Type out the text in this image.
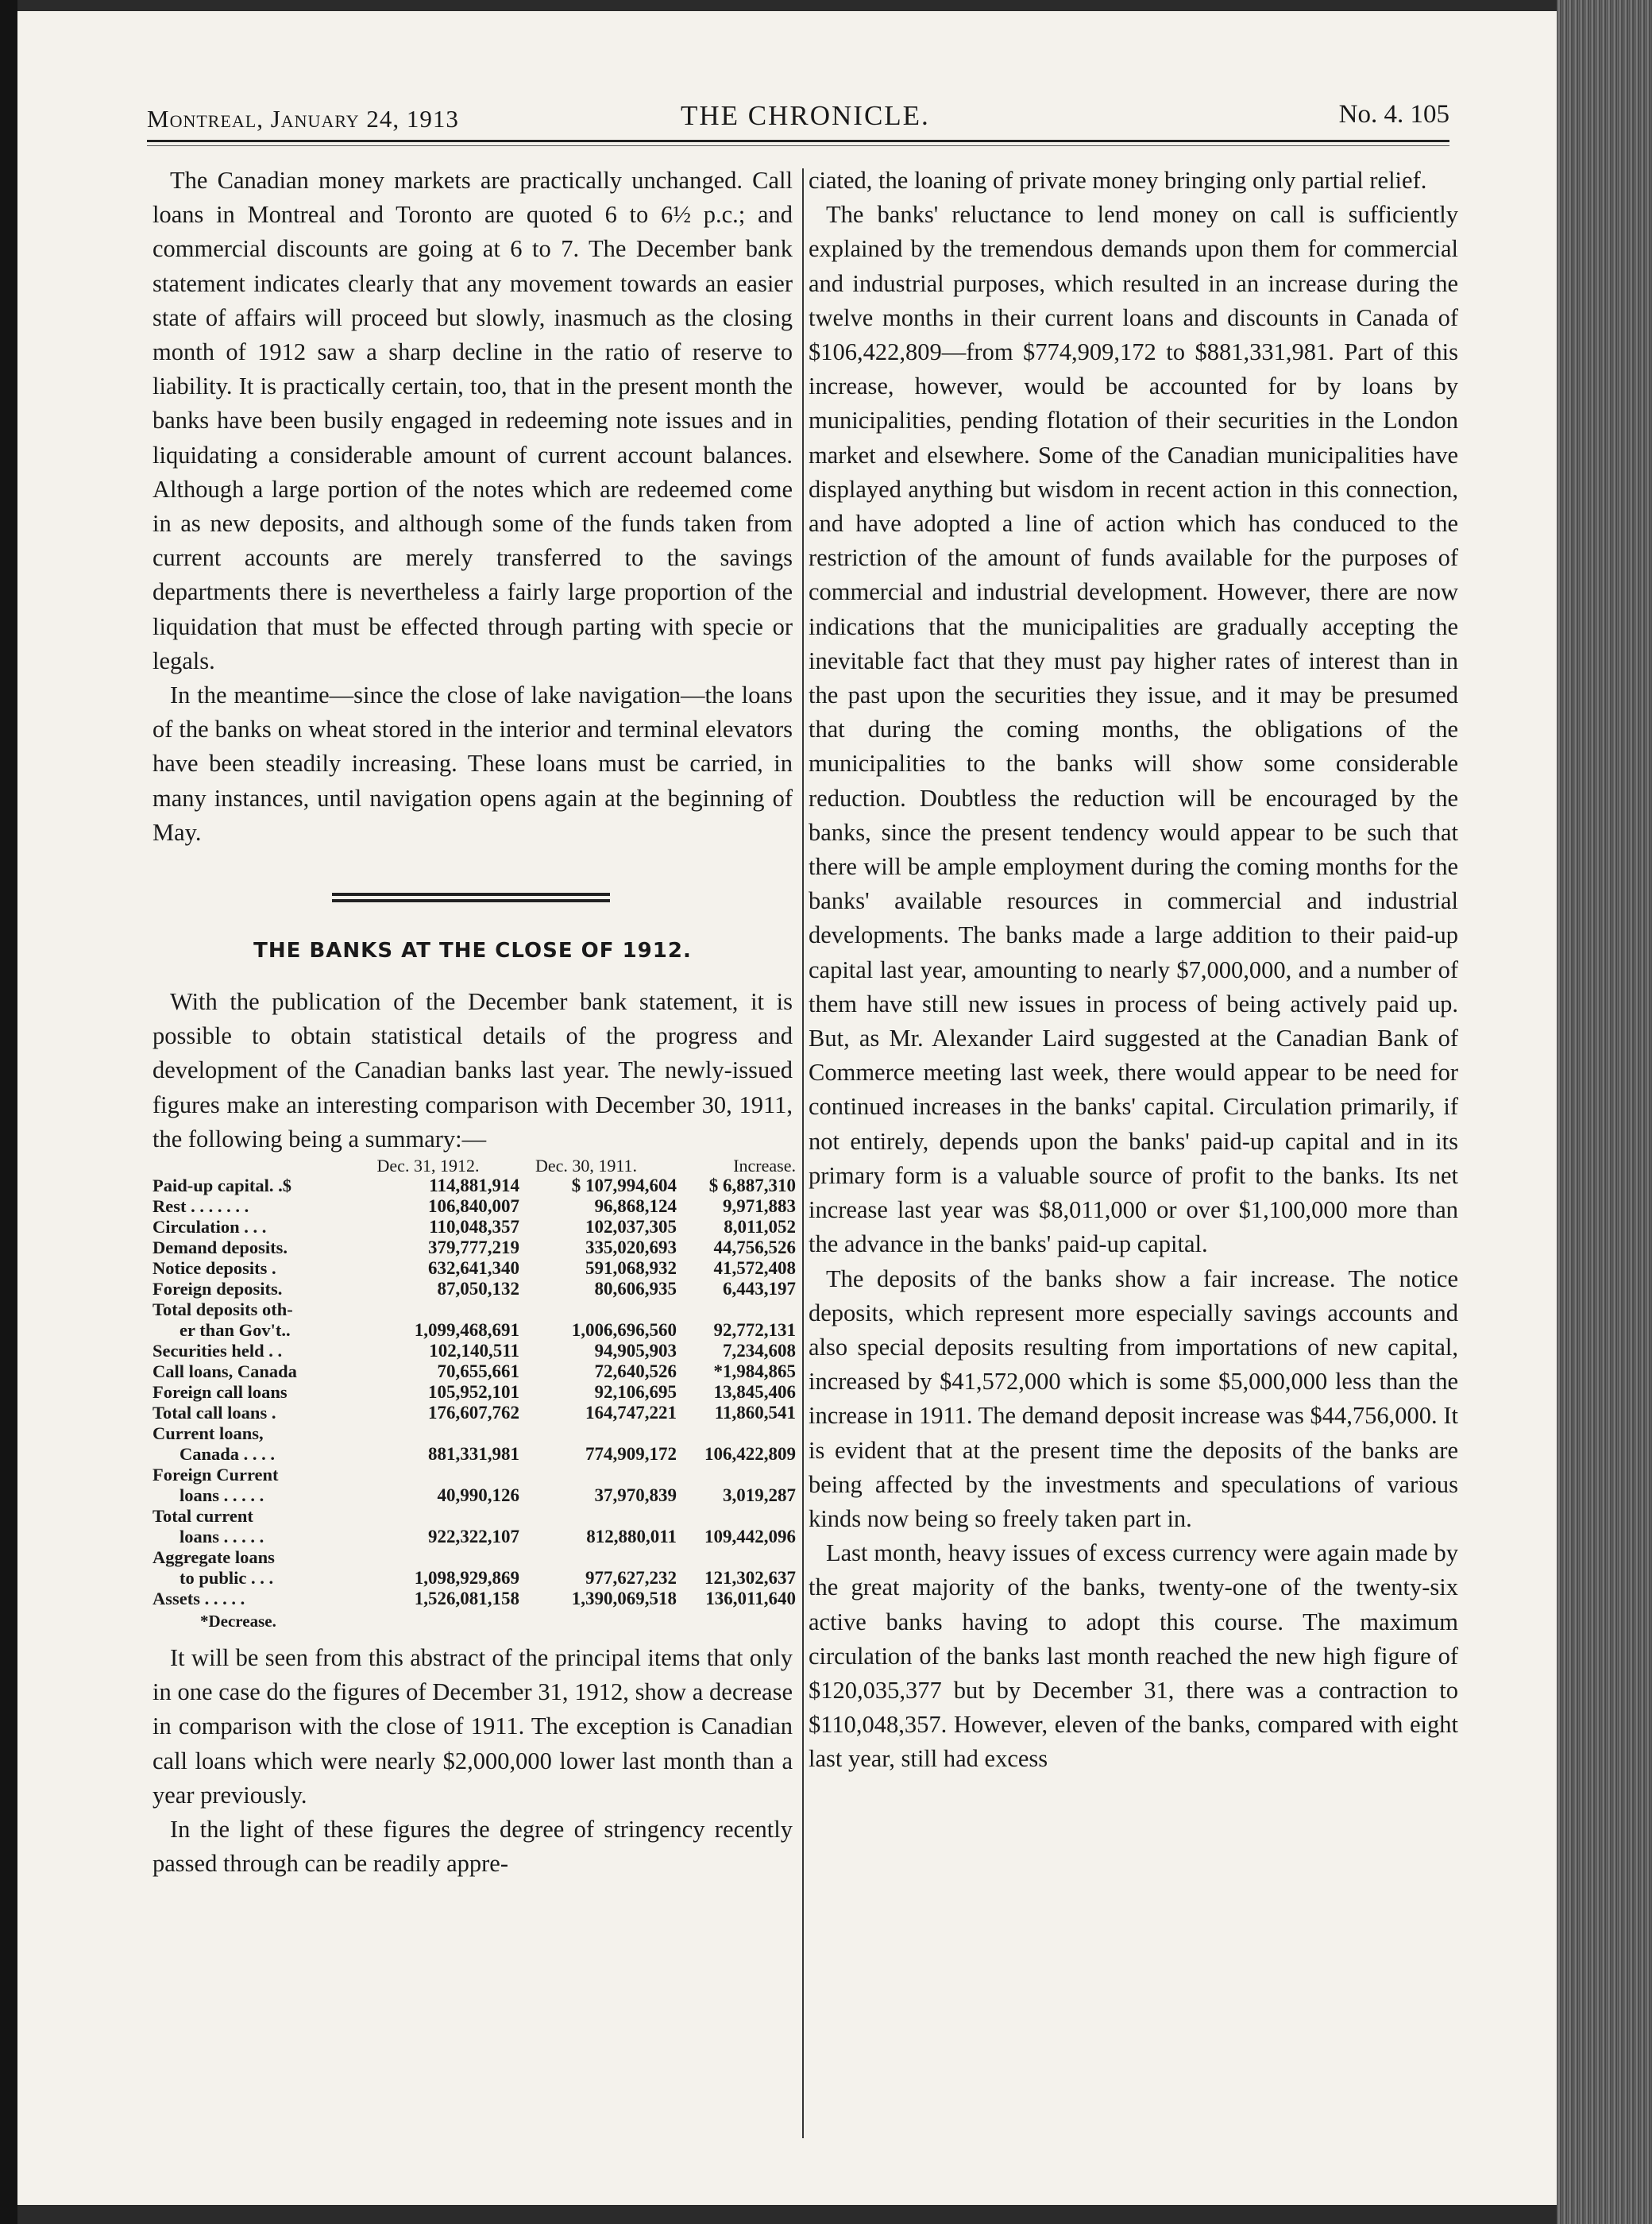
Montreal, January 24, 1913	THE CHRONICLE.	No. 4. 105

The Canadian money markets are practically unchanged. Call loans in Montreal and Toronto are quoted 6 to 6½ p.c.; and commercial discounts are going at 6 to 7. The December bank statement indicates clearly that any movement towards an easier state of affairs will proceed but slowly, inasmuch as the closing month of 1912 saw a sharp decline in the ratio of reserve to liability. It is practically certain, too, that in the present month the banks have been busily engaged in redeeming note issues and in liquidating a considerable amount of current account balances. Although a large portion of the notes which are redeemed come in as new deposits, and although some of the funds taken from current accounts are merely transferred to the savings departments there is nevertheless a fairly large proportion of the liquidation that must be effected through parting with specie or legals.

In the meantime—since the close of lake navigation—the loans of the banks on wheat stored in the interior and terminal elevators have been steadily increasing. These loans must be carried, in many instances, until navigation opens again at the beginning of May.

THE BANKS AT THE CLOSE OF 1912.

With the publication of the December bank statement, it is possible to obtain statistical details of the progress and development of the Canadian banks last year. The newly-issued figures make an interesting comparison with December 30, 1911, the following being a summary:—

	Dec. 31, 1912.		Dec. 30, 1911.		Increase.
Paid-up capital. .$	114,881,914		$ 107,994,604		$ 6,887,310
Rest . . . . . . .	106,840,007		96,868,124		9,971,883
Circulation . . .	110,048,357		102,037,305		8,011,052
Demand deposits.	379,777,219		335,020,693		44,756,526
Notice deposits .	632,641,340		591,068,932		41,572,408
Foreign deposits.	87,050,132		80,606,935		6,443,197
Total deposits oth-					
er than Gov't..	1,099,468,691		1,006,696,560		92,772,131
Securities held . .	102,140,511		94,905,903		7,234,608
Call loans, Canada	70,655,661		72,640,526		*1,984,865
Foreign call loans	105,952,101		92,106,695		13,845,406
Total call loans .	176,607,762		164,747,221		11,860,541
Current loans,					
Canada . . . .	881,331,981		774,909,172		106,422,809
Foreign Current					
loans . . . . .	40,990,126		37,970,839		3,019,287
Total current					
loans . . . . .	922,322,107		812,880,011		109,442,096
Aggregate loans					
to public . . .	1,098,929,869		977,627,232		121,302,637
Assets . . . . .	1,526,081,158		1,390,069,518		136,011,640
*Decrease.

It will be seen from this abstract of the principal items that only in one case do the figures of December 31, 1912, show a decrease in comparison with the close of 1911. The exception is Canadian call loans which were nearly $2,000,000 lower last month than a year previously.

In the light of these figures the degree of stringency recently passed through can be readily appre-

ciated, the loaning of private money bringing only partial relief.

The banks' reluctance to lend money on call is sufficiently explained by the tremendous demands upon them for commercial and industrial purposes, which resulted in an increase during the twelve months in their current loans and discounts in Canada of $106,422,809—from $774,909,172 to $881,331,981. Part of this increase, however, would be accounted for by loans by municipalities, pending flotation of their securities in the London market and elsewhere. Some of the Canadian municipalities have displayed anything but wisdom in recent action in this connection, and have adopted a line of action which has conduced to the restriction of the amount of funds available for the purposes of commercial and industrial development. However, there are now indications that the municipalities are gradually accepting the inevitable fact that they must pay higher rates of interest than in the past upon the securities they issue, and it may be presumed that during the coming months, the obligations of the municipalities to the banks will show some considerable reduction. Doubtless the reduction will be encouraged by the banks, since the present tendency would appear to be such that there will be ample employment during the coming months for the banks' available resources in commercial and industrial developments. The banks made a large addition to their paid-up capital last year, amounting to nearly $7,000,000, and a number of them have still new issues in process of being actively paid up. But, as Mr. Alexander Laird suggested at the Canadian Bank of Commerce meeting last week, there would appear to be need for continued increases in the banks' capital. Circulation primarily, if not entirely, depends upon the banks' paid-up capital and in its primary form is a valuable source of profit to the banks. Its net increase last year was $8,011,000 or over $1,100,000 more than the advance in the banks' paid-up capital.

The deposits of the banks show a fair increase. The notice deposits, which represent more especially savings accounts and also special deposits resulting from importations of new capital, increased by $41,572,000 which is some $5,000,000 less than the increase in 1911. The demand deposit increase was $44,756,000. It is evident that at the present time the deposits of the banks are being affected by the investments and speculations of various kinds now being so freely taken part in.

Last month, heavy issues of excess currency were again made by the great majority of the banks, twenty-one of the twenty-six active banks having to adopt this course. The maximum circulation of the banks last month reached the new high figure of $120,035,377 but by December 31, there was a contraction to $110,048,357. However, eleven of the banks, compared with eight last year, still had excess
